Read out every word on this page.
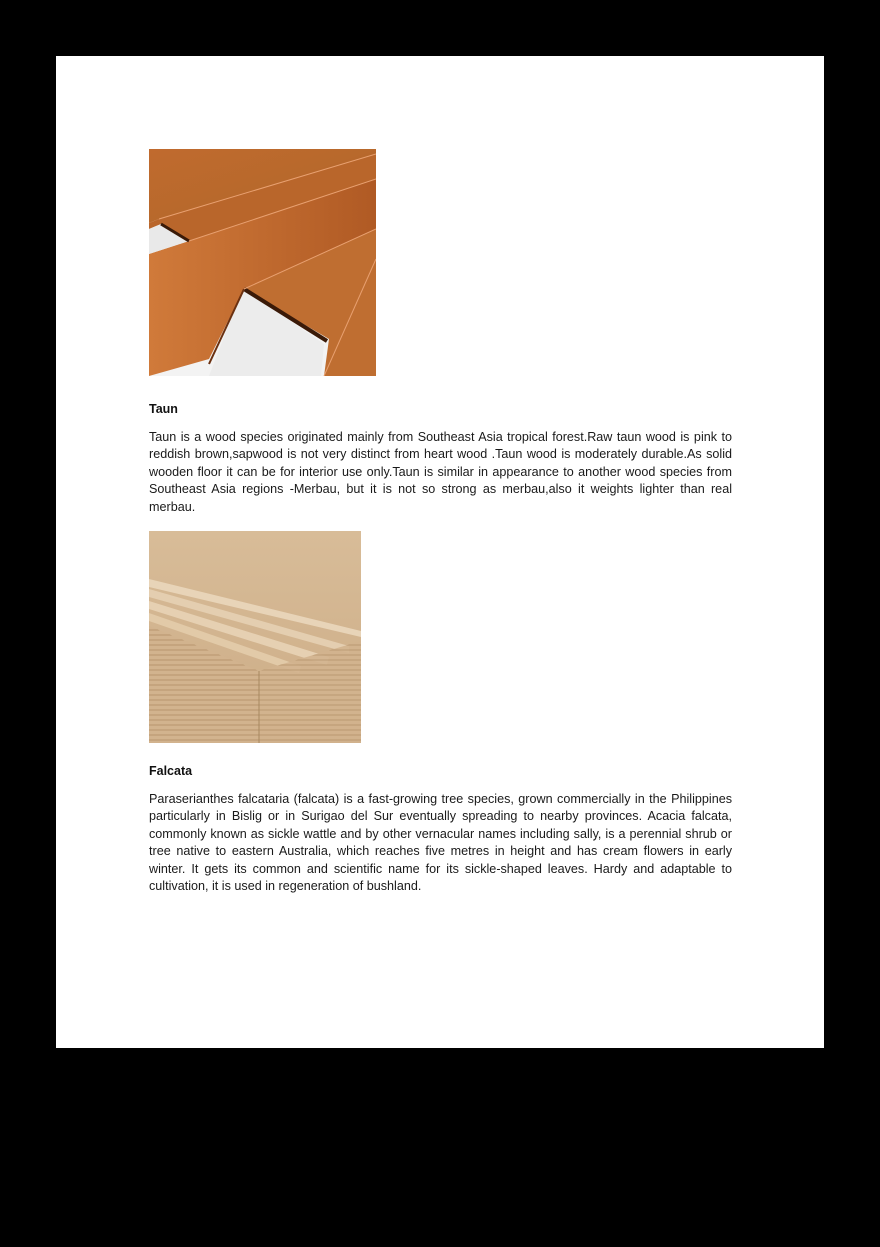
Taun

Taun is a wood species originated mainly from Southeast Asia tropical forest.Raw taun wood is pink to reddish brown,sapwood is not very distinct from heart wood .Taun wood is moderately durable.As solid wooden floor it can be for interior use only.Taun is similar in appearance to another wood species from Southeast Asia regions -Merbau, but it is not so strong as merbau,also it weights lighter than real merbau.

Falcata

Paraserianthes falcataria (falcata) is a fast-growing tree species, grown commercially in the Philippines particularly in Bislig or in Surigao del Sur eventually spreading to nearby provinces. Acacia falcata, commonly known as sickle wattle and by other vernacular names including sally, is a perennial shrub or tree native to eastern Australia, which reaches five metres in height and has cream flowers in early winter. It gets its common and scientific name for its sickle-shaped leaves. Hardy and adaptable to cultivation, it is used in regeneration of bushland.
